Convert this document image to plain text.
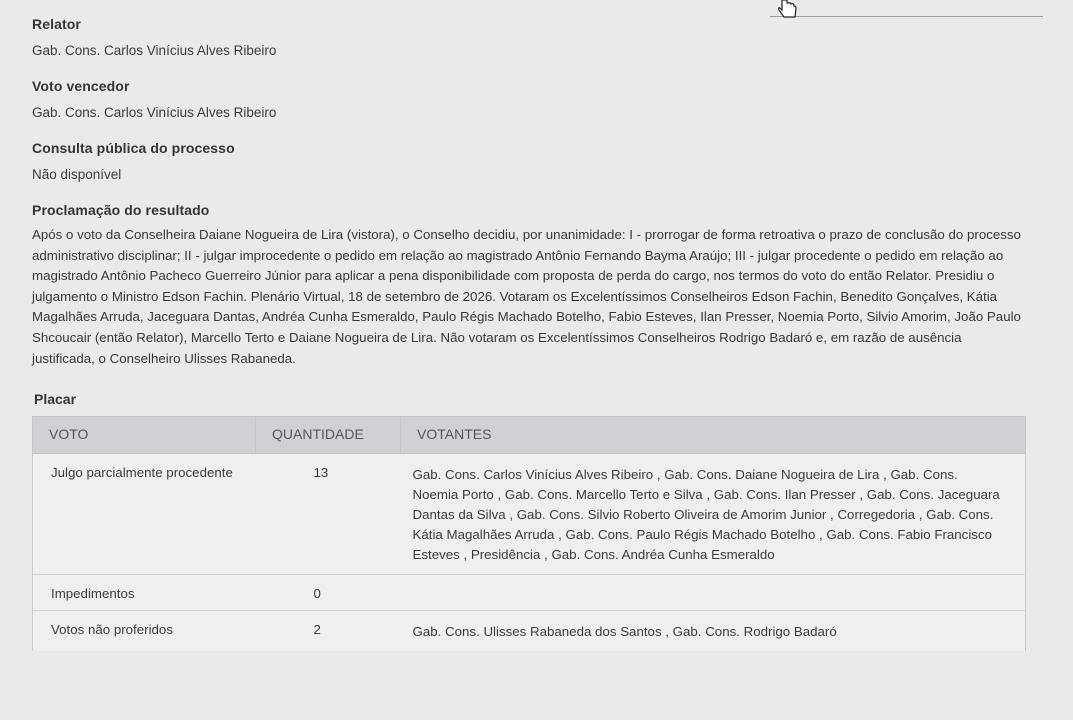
Relator
Gab. Cons. Carlos Vinícius Alves Ribeiro
Voto vencedor
Gab. Cons. Carlos Vinícius Alves Ribeiro
Consulta pública do processo
Não disponível
Proclamação do resultado
Após o voto da Conselheira Daiane Nogueira de Lira (vistora), o Conselho decidiu, por unanimidade: I - prorrogar de forma retroativa o prazo de conclusão do processo administrativo disciplinar; II - julgar improcedente o pedido em relação ao magistrado Antônio Fernando Bayma Araújo; III - julgar procedente o pedido em relação ao magistrado Antônio Pacheco Guerreiro Júnior para aplicar a pena disponibilidade com proposta de perda do cargo, nos termos do voto do então Relator. Presidiu o julgamento o Ministro Edson Fachin. Plenário Virtual, 18 de setembro de 2026. Votaram os Excelentíssimos Conselheiros Edson Fachin, Benedito Gonçalves, Kátia Magalhães Arruda, Jaceguara Dantas, Andréa Cunha Esmeraldo, Paulo Régis Machado Botelho, Fabio Esteves, Ilan Presser, Noemia Porto, Silvio Amorim, João Paulo Shcoucair (então Relator), Marcello Terto e Daiane Nogueira de Lira. Não votaram os Excelentíssimos Conselheiros Rodrigo Badaró e, em razão de ausência justificada, o Conselheiro Ulisses Rabaneda.
Placar
VOTO	QUANTIDADE	VOTANTES
Julgo parcialmente procedente	13	Gab. Cons. Carlos Vinícius Alves Ribeiro , Gab. Cons. Daiane Nogueira de Lira , Gab. Cons. Noemia Porto , Gab. Cons. Marcello Terto e Silva , Gab. Cons. Ilan Presser , Gab. Cons. Jaceguara Dantas da Silva , Gab. Cons. Silvio Roberto Oliveira de Amorim Junior , Corregedoria , Gab. Cons. Kátia Magalhães Arruda , Gab. Cons. Paulo Régis Machado Botelho , Gab. Cons. Fabio Francisco Esteves , Presidência , Gab. Cons. Andréa Cunha Esmeraldo
Impedimentos	0	
Votos não proferidos	2	Gab. Cons. Ulisses Rabaneda dos Santos , Gab. Cons. Rodrigo Badaró
